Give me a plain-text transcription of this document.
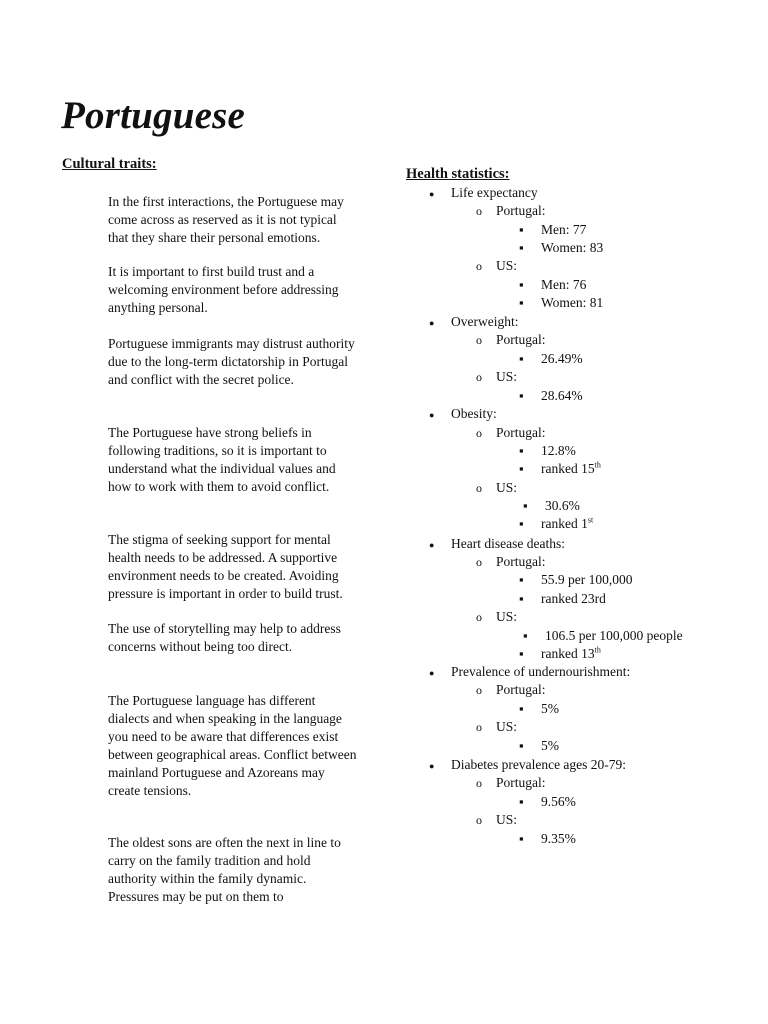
Portuguese
Cultural traits:

In the first interactions, the Portuguese may come across as reserved as it is not typical that they share their personal emotions.

It is important to first build trust and a welcoming environment before addressing anything personal.

Portuguese immigrants may distrust authority due to the long-term dictatorship in Portugal and conflict with the secret police.

The Portuguese have strong beliefs in following traditions, so it is important to understand what the individual values and how to work with them to avoid conflict.

The stigma of seeking support for mental health needs to be addressed. A supportive environment needs to be created. Avoiding pressure is important in order to build trust.

The use of storytelling may help to address concerns without being too direct.

The Portuguese language has different dialects and when speaking in the language you need to be aware that differences exist between geographical areas. Conflict between mainland Portuguese and Azoreans may create tensions.

The oldest sons are often the next in line to carry on the family tradition and hold authority within the family dynamic. Pressures may be put on them to

Health statistics:
● Life expectancy
o Portugal:
▪ Men: 77
▪ Women: 83
o US:
▪ Men: 76
▪ Women: 81
● Overweight:
o Portugal:
▪ 26.49%
o US:
▪ 28.64%
● Obesity:
o Portugal:
▪ 12.8%
▪ ranked 15th
o US:
▪ 30.6%
▪ ranked 1st
● Heart disease deaths:
o Portugal:
▪ 55.9 per 100,000
▪ ranked 23rd
o US:
▪ 106.5 per 100,000 people
▪ ranked 13th
● Prevalence of undernourishment:
o Portugal:
▪ 5%
o US:
▪ 5%
● Diabetes prevalence ages 20-79:
o Portugal:
▪ 9.56%
o US:
▪ 9.35%
